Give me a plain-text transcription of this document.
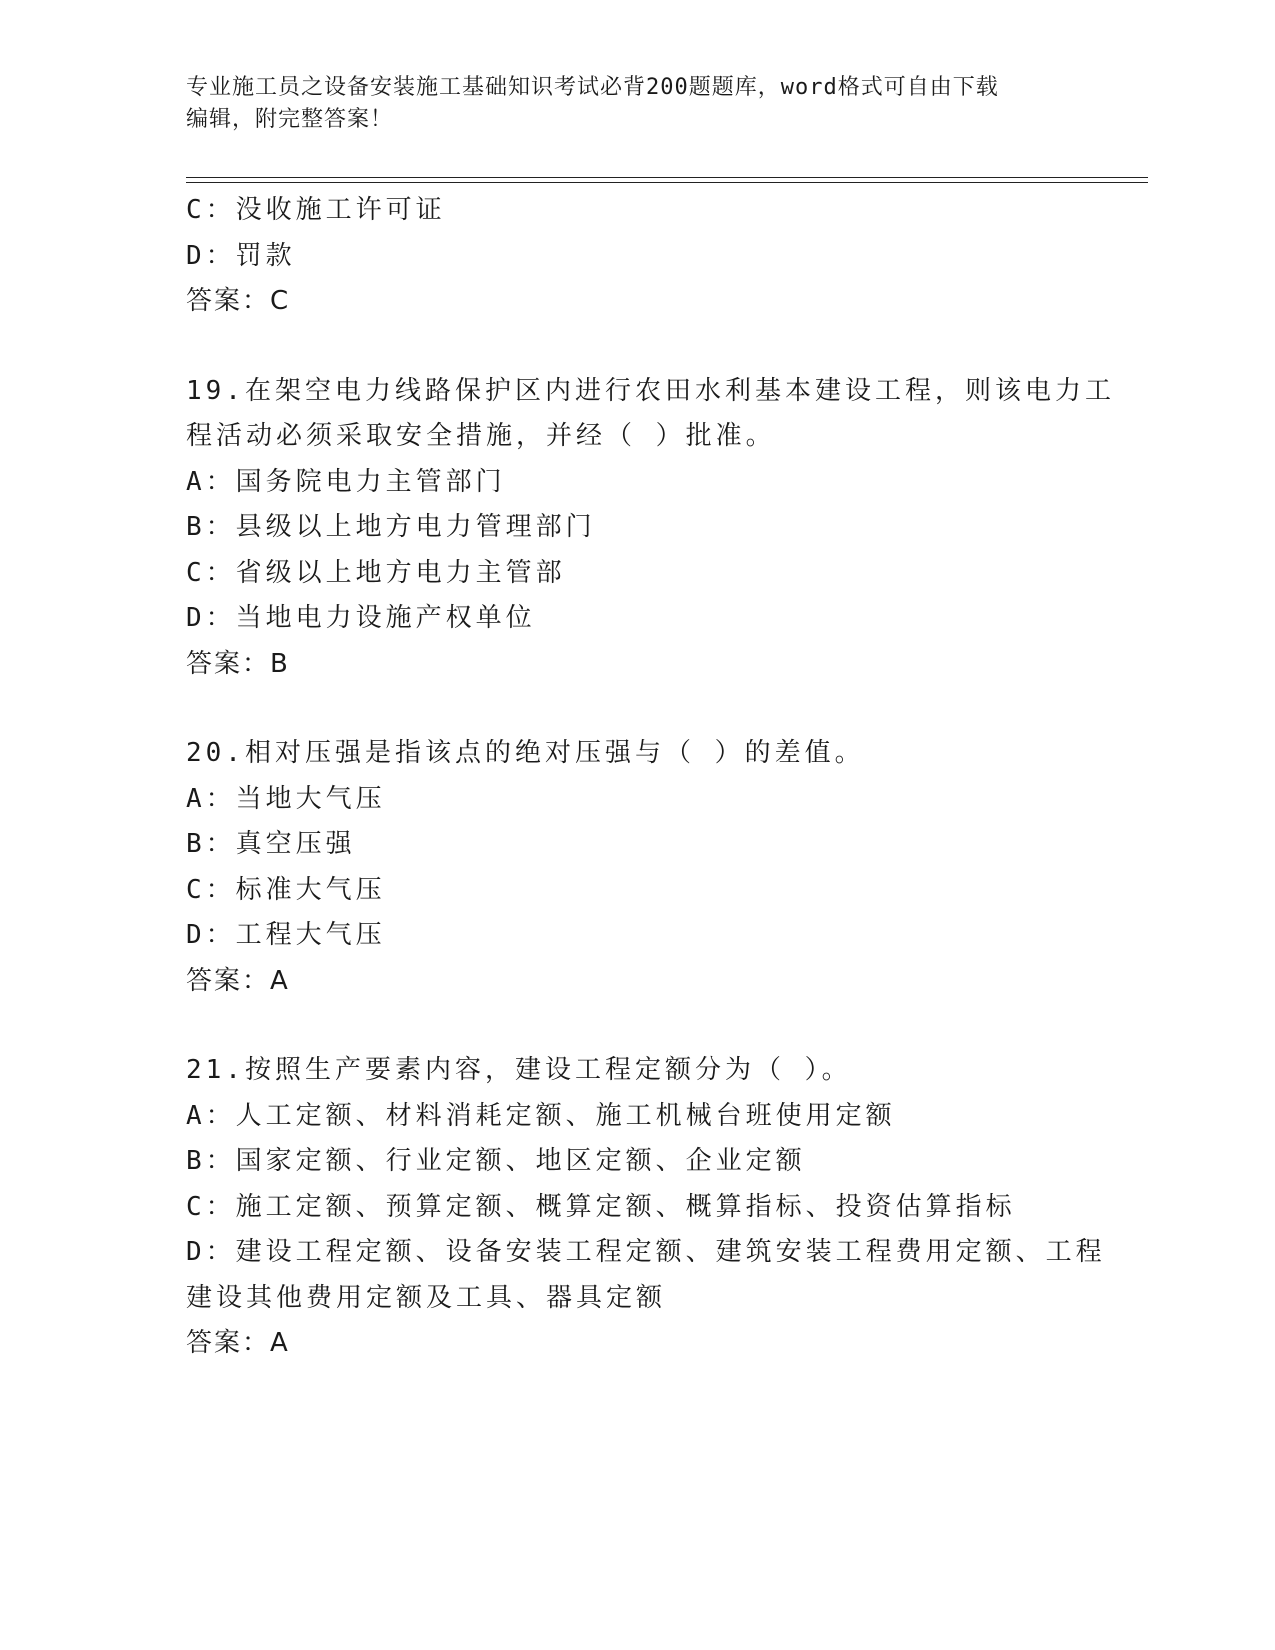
专业施工员之设备安装施工基础知识考试必背200题题库，word格式可自由下载
编辑，附完整答案！
C：没收施工许可证
D：罚款
答案：C
19.在架空电力线路保护区内进行农田水利基本建设工程，则该电力工
程活动必须采取安全措施，并经（ ）批准。
A：国务院电力主管部门
B：县级以上地方电力管理部门
C：省级以上地方电力主管部
D：当地电力设施产权单位
答案：B
20.相对压强是指该点的绝对压强与（ ）的差值。
A：当地大气压
B：真空压强
C：标准大气压
D：工程大气压
答案：A
21.按照生产要素内容，建设工程定额分为（ ）。
A：人工定额、材料消耗定额、施工机械台班使用定额
B：国家定额、行业定额、地区定额、企业定额
C：施工定额、预算定额、概算定额、概算指标、投资估算指标
D：建设工程定额、设备安装工程定额、建筑安装工程费用定额、工程
建设其他费用定额及工具、器具定额
答案：A
